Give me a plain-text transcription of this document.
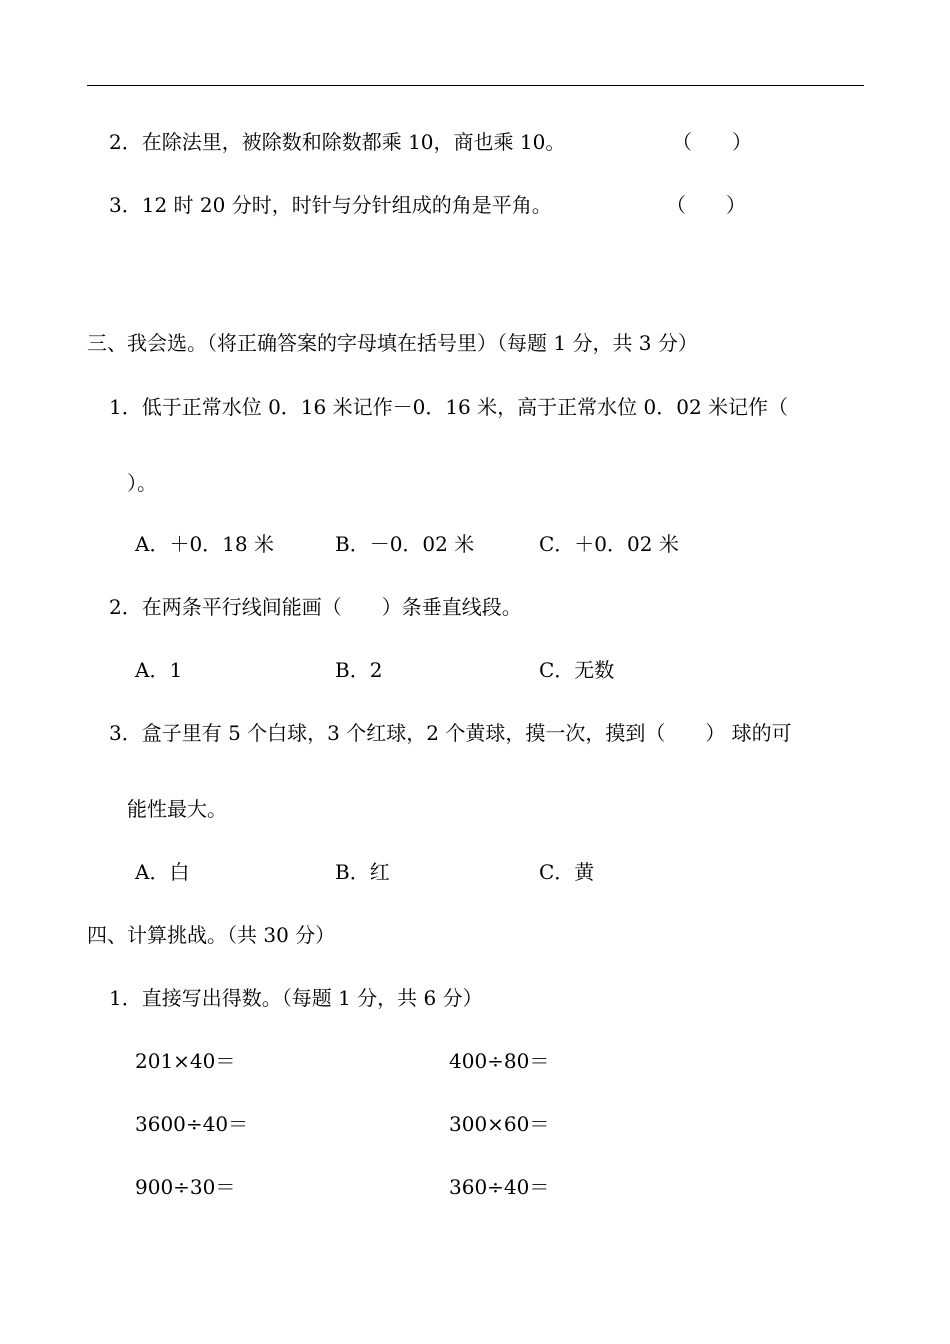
2．在除法里，被除数和除数都乘 10，商也乘 10。	（　　）
3．12 时 20 分时，时针与分针组成的角是平角。	（　　）
三、我会选。（将正确答案的字母填在括号里）（每题 1 分，共 3 分）
1．低于正常水位 0．16 米记作－0．16 米，高于正常水位 0．02 米记作（
）。
A．＋0．18 米	B．－0．02 米	C．＋0．02 米
2．在两条平行线间能画（　　）条垂直线段。
A．1	B．2	C．无数
3．盒子里有 5 个白球，3 个红球，2 个黄球，摸一次，摸到（　　） 球的可
能性最大。
A．白	B．红	C．黄
四、计算挑战。（共 30 分）
1．直接写出得数。（每题 1 分，共 6 分）
201×40＝	400÷80＝
3600÷40＝	300×60＝
900÷30＝	360÷40＝
